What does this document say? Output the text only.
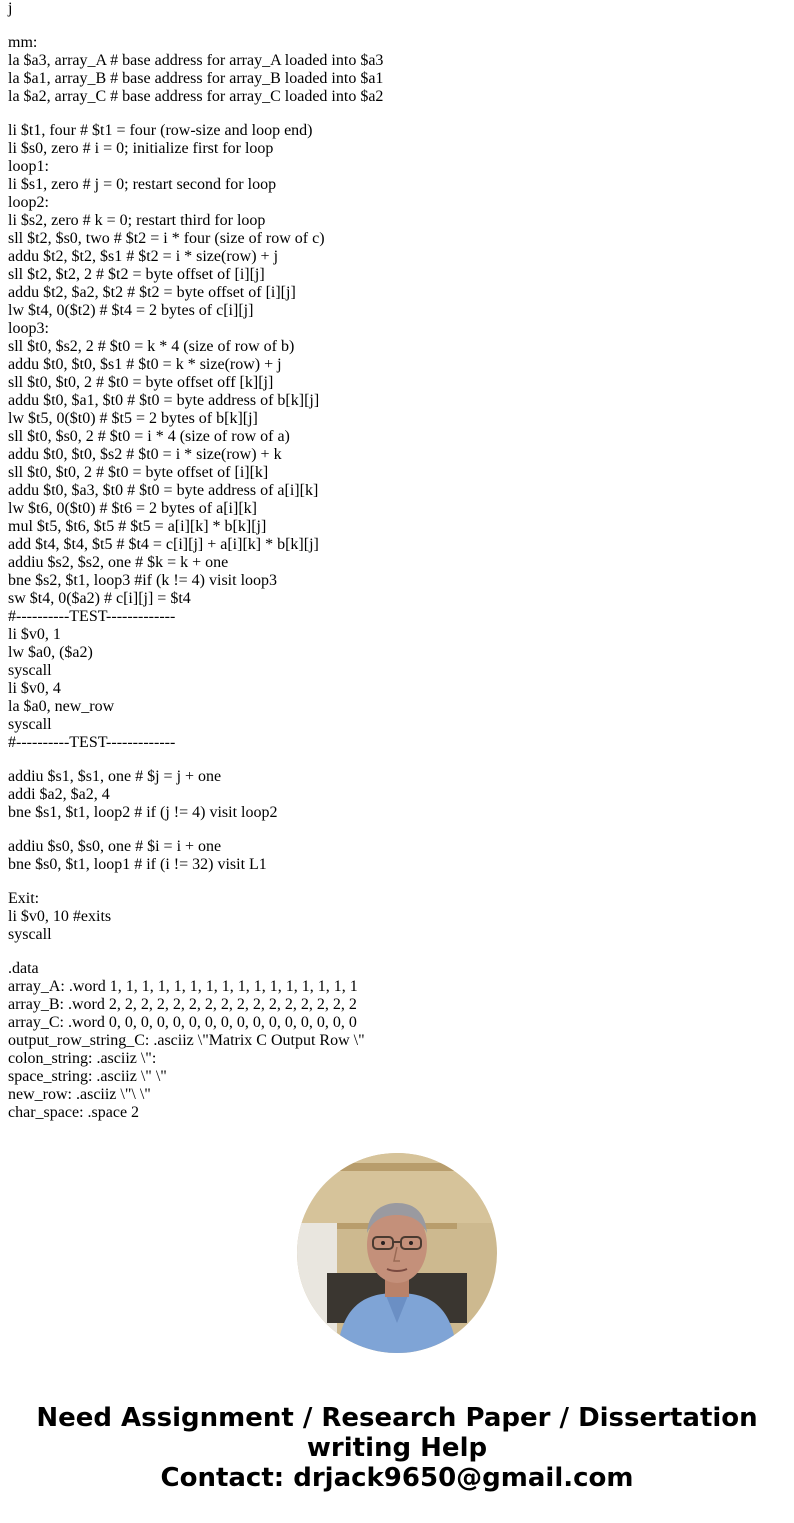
j
mm:
la $a3, array_A # base address for array_A loaded into $a3
la $a1, array_B # base address for array_B loaded into $a1
la $a2, array_C # base address for array_C loaded into $a2
li $t1, four # $t1 = four (row-size and loop end)
li $s0, zero # i = 0; initialize first for loop
loop1:
li $s1, zero # j = 0; restart second for loop
loop2:
li $s2, zero # k = 0; restart third for loop
sll $t2, $s0, two # $t2 = i * four (size of row of c)
addu $t2, $t2, $s1 # $t2 = i * size(row) + j
sll $t2, $t2, 2 # $t2 = byte offset of [i][j]
addu $t2, $a2, $t2 # $t2 = byte offset of [i][j]
lw $t4, 0($t2) # $t4 = 2 bytes of c[i][j]
loop3:
sll $t0, $s2, 2 # $t0 = k * 4 (size of row of b)
addu $t0, $t0, $s1 # $t0 = k * size(row) + j
sll $t0, $t0, 2 # $t0 = byte offset off [k][j]
addu $t0, $a1, $t0 # $t0 = byte address of b[k][j]
lw $t5, 0($t0) # $t5 = 2 bytes of b[k][j]
sll $t0, $s0, 2 # $t0 = i * 4 (size of row of a)
addu $t0, $t0, $s2 # $t0 = i * size(row) + k
sll $t0, $t0, 2 # $t0 = byte offset of [i][k]
addu $t0, $a3, $t0 # $t0 = byte address of a[i][k]
lw $t6, 0($t0) # $t6 = 2 bytes of a[i][k]
mul $t5, $t6, $t5 # $t5 = a[i][k] * b[k][j]
add $t4, $t4, $t5 # $t4 = c[i][j] + a[i][k] * b[k][j]
addiu $s2, $s2, one # $k = k + one
bne $s2, $t1, loop3 #if (k != 4) visit loop3
sw $t4, 0($a2) # c[i][j] = $t4
#----------TEST-------------
li $v0, 1
lw $a0, ($a2)
syscall
li $v0, 4
la $a0, new_row
syscall
#----------TEST-------------
addiu $s1, $s1, one # $j = j + one
addi $a2, $a2, 4
bne $s1, $t1, loop2 # if (j != 4) visit loop2
addiu $s0, $s0, one # $i = i + one
bne $s0, $t1, loop1 # if (i != 32) visit L1
Exit:
li $v0, 10 #exits
syscall
.data
array_A: .word 1, 1, 1, 1, 1, 1, 1, 1, 1, 1, 1, 1, 1, 1, 1, 1
array_B: .word 2, 2, 2, 2, 2, 2, 2, 2, 2, 2, 2, 2, 2, 2, 2, 2
array_C: .word 0, 0, 0, 0, 0, 0, 0, 0, 0, 0, 0, 0, 0, 0, 0, 0
output_row_string_C: .asciiz \"Matrix C Output Row \"
colon_string: .asciiz \":
space_string: .asciiz \" \"
new_row: .asciiz \"\ \"
char_space: .space 2
Need Assignment / Research Paper / Dissertation
writing Help
Contact: drjack9650@gmail.com
